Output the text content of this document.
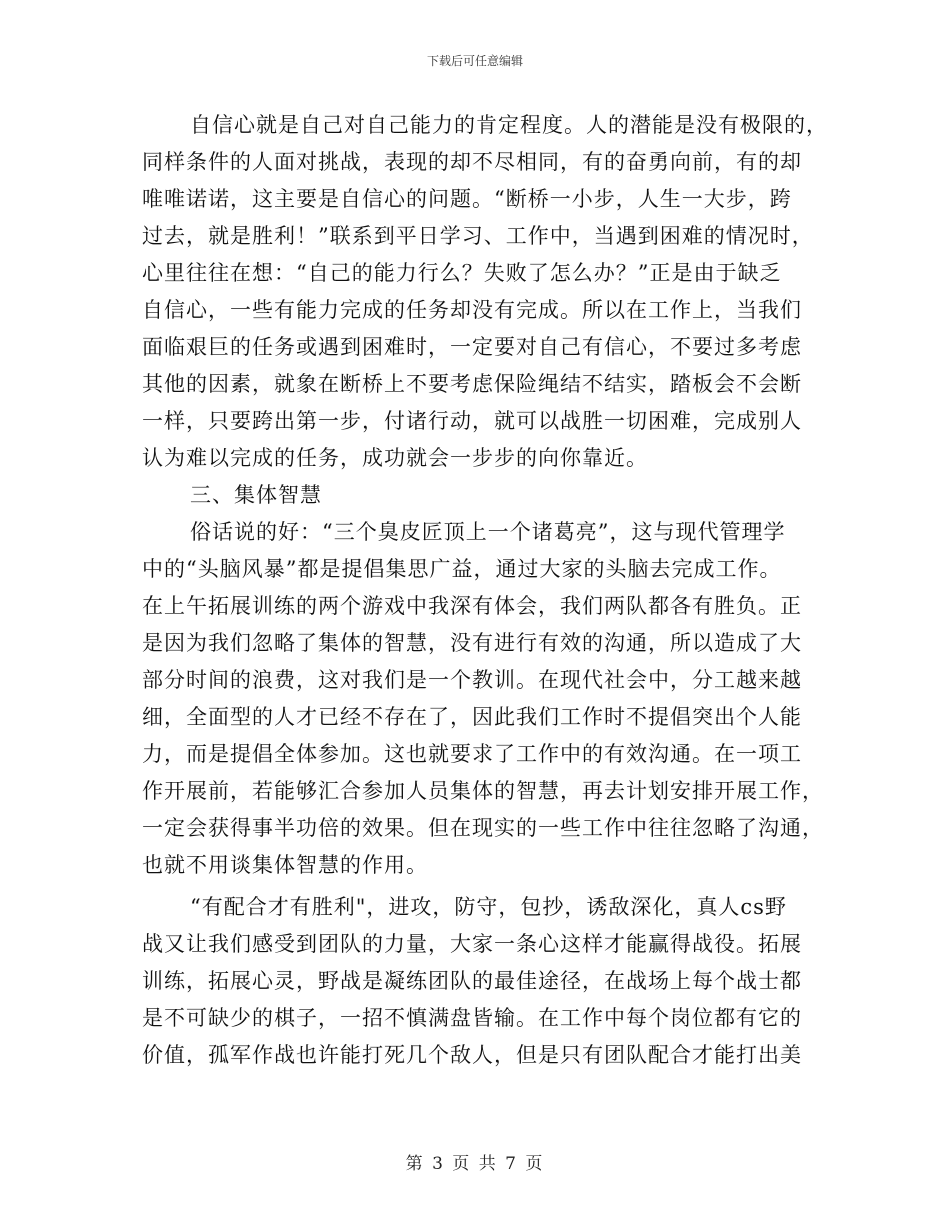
下载后可任意编辑
自信心就是自己对自己能力的肯定程度。人的潜能是没有极限的，
同样条件的人面对挑战，表现的却不尽相同，有的奋勇向前，有的却
唯唯诺诺，这主要是自信心的问题。“断桥一小步，人生一大步，跨
过去，就是胜利！”联系到平日学习、工作中，当遇到困难的情况时，
心里往往在想：“自己的能力行么？失败了怎么办？”正是由于缺乏
自信心，一些有能力完成的任务却没有完成。所以在工作上，当我们
面临艰巨的任务或遇到困难时，一定要对自己有信心，不要过多考虑
其他的因素，就象在断桥上不要考虑保险绳结不结实，踏板会不会断
一样，只要跨出第一步，付诸行动，就可以战胜一切困难，完成别人
认为难以完成的任务，成功就会一步步的向你靠近。
三、集体智慧
俗话说的好：“三个臭皮匠顶上一个诸葛亮”，这与现代管理学
中的“头脑风暴”都是提倡集思广益，通过大家的头脑去完成工作。
在上午拓展训练的两个游戏中我深有体会，我们两队都各有胜负。正
是因为我们忽略了集体的智慧，没有进行有效的沟通，所以造成了大
部分时间的浪费，这对我们是一个教训。在现代社会中，分工越来越
细，全面型的人才已经不存在了，因此我们工作时不提倡突出个人能
力，而是提倡全体参加。这也就要求了工作中的有效沟通。在一项工
作开展前，若能够汇合参加人员集体的智慧，再去计划安排开展工作，
一定会获得事半功倍的效果。但在现实的一些工作中往往忽略了沟通，
也就不用谈集体智慧的作用。
“有配合才有胜利"，进攻，防守，包抄，诱敌深化，真人cs野
战又让我们感受到团队的力量，大家一条心这样才能赢得战役。拓展
训练，拓展心灵，野战是凝练团队的最佳途径，在战场上每个战士都
是不可缺少的棋子，一招不慎满盘皆输。在工作中每个岗位都有它的
价值，孤军作战也许能打死几个敌人，但是只有团队配合才能打出美
第 3 页 共 7 页
